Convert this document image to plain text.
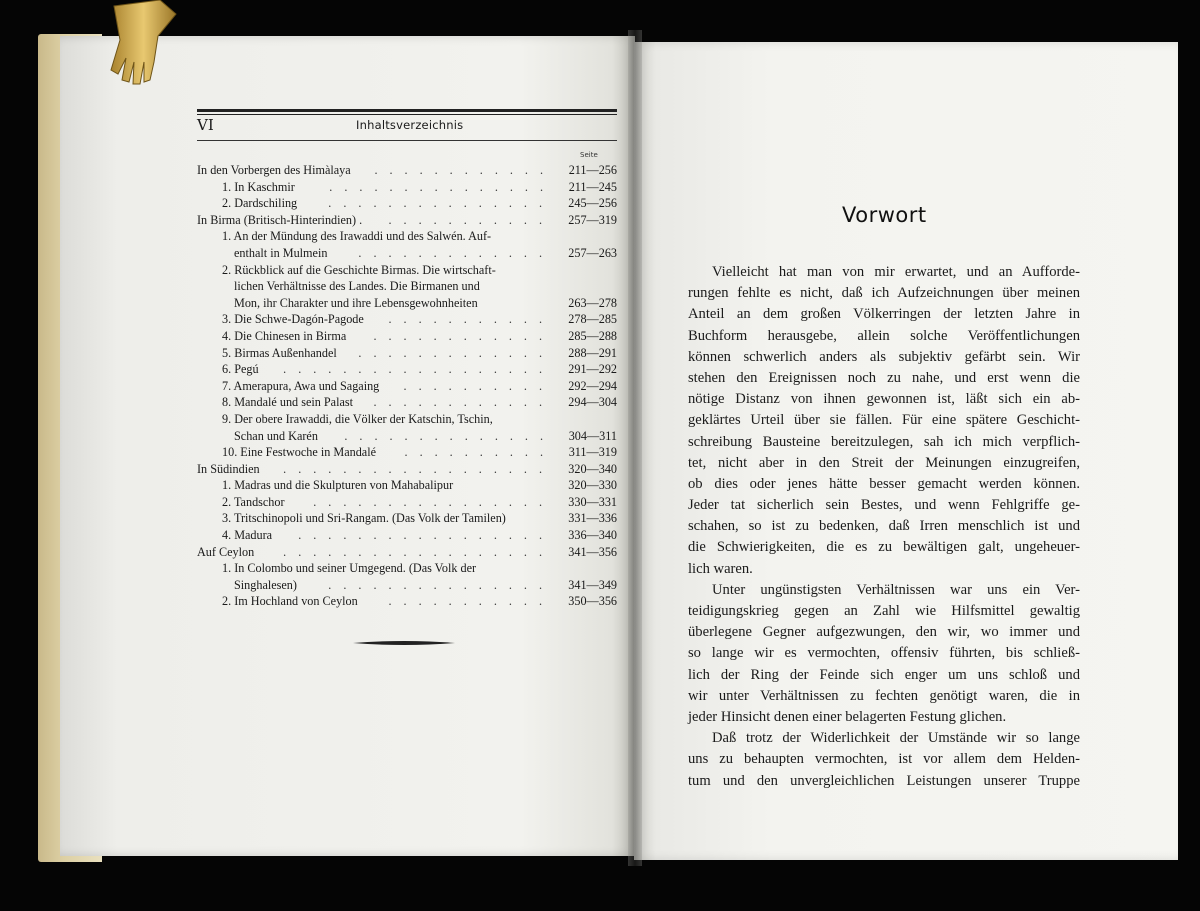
VI	Inhaltsverzeichnis
Seite
In den Vorbergen des Himàlaya	............ 211—256
1. In Kaschmir	............... 211—245
2. Dardschiling	............... 245—256
In Birma (Britisch-Hinterindien) .	........... 257—319
1. An der Mündung des Irawaddi und des Salwén. Auf-
enthalt in Mulmein	............. 257—263
2. Rückblick auf die Geschichte Birmas. Die wirtschaft-
lichen Verhältnisse des Landes. Die Birmanen und
Mon, ihr Charakter und ihre Lebensgewohnheiten	263—278
3. Die Schwe-Dagón-Pagode	........... 278—285
4. Die Chinesen in Birma	............ 285—288
5. Birmas Außenhandel	............. 288—291
6. Pegú	.................. 291—292
7. Amerapura, Awa und Sagaing	.......... 292—294
8. Mandalé und sein Palast	............ 294—304
9. Der obere Irawaddi, die Völker der Katschin, Tschin,
Schan und Karén	.............. 304—311
10. Eine Festwoche in Mandalé	.......... 311—319
In Südindien	.................. 320—340
1. Madras und die Skulpturen von Mahabalipur	320—330
2. Tandschor	................ 330—331
3. Tritschinopoli und Sri-Rangam. (Das Volk der Tamilen)	331—336
4. Madura	................. 336—340
Auf Ceylon	.................. 341—356
1. In Colombo und seiner Umgegend. (Das Volk der
Singhalesen)	............... 341—349
2. Im Hochland von Ceylon	........... 350—356
Vorwort
Vielleicht hat man von mir erwartet, und an Aufforde-
rungen fehlte es nicht, daß ich Aufzeichnungen über meinen
Anteil an dem großen Völkerringen der letzten Jahre in
Buchform herausgebe, allein solche Veröffentlichungen
können schwerlich anders als subjektiv gefärbt sein. Wir
stehen den Ereignissen noch zu nahe, und erst wenn die
nötige Distanz von ihnen gewonnen ist, läßt sich ein ab-
geklärtes Urteil über sie fällen. Für eine spätere Geschicht-
schreibung Bausteine bereitzulegen, sah ich mich verpflich-
tet, nicht aber in den Streit der Meinungen einzugreifen,
ob dies oder jenes hätte besser gemacht werden können.
Jeder tat sicherlich sein Bestes, und wenn Fehlgriffe ge-
schahen, so ist zu bedenken, daß Irren menschlich ist und
die Schwierigkeiten, die es zu bewältigen galt, ungeheuer-
lich waren.
Unter ungünstigsten Verhältnissen war uns ein Ver-
teidigungskrieg gegen an Zahl wie Hilfsmittel gewaltig
überlegene Gegner aufgezwungen, den wir, wo immer und
so lange wir es vermochten, offensiv führten, bis schließ-
lich der Ring der Feinde sich enger um uns schloß und
wir unter Verhältnissen zu fechten genötigt waren, die in
jeder Hinsicht denen einer belagerten Festung glichen.
Daß trotz der Widerlichkeit der Umstände wir so lange
uns zu behaupten vermochten, ist vor allem dem Helden-
tum und den unvergleichlichen Leistungen unserer Truppe
